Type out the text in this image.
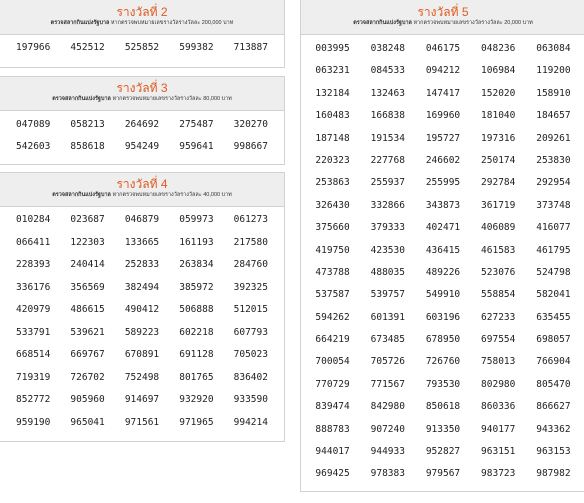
รางวัลที่ 2
ตรวจสลากกินแบ่งรัฐบาล หากตรวจพบหมายเลขรางวัลรางวัลละ 200,000 บาท
197966	452512	525852	599382	713887
รางวัลที่ 3
ตรวจสลากกินแบ่งรัฐบาล หากตรวจพบหมายเลขรางวัลรางวัลละ 80,000 บาท
047089	058213	264692	275487	320270
542603	858618	954249	959641	998667
รางวัลที่ 4
ตรวจสลากกินแบ่งรัฐบาล หากตรวจพบหมายเลขรางวัลรางวัลละ 40,000 บาท
010284	023687	046879	059973	061273
066411	122303	133665	161193	217580
228393	240414	252833	263834	284760
336176	356569	382494	385972	392325
420979	486615	490412	506888	512015
533791	539621	589223	602218	607793
668514	669767	670891	691128	705023
719319	726702	752498	801765	836402
852772	905960	914697	932920	933590
959190	965041	971561	971965	994214
รางวัลที่ 5
ตรวจสลากกินแบ่งรัฐบาล หากตรวจพบหมายเลขรางวัลรางวัลละ 20,000 บาท
003995	038248	046175	048236	063084
063231	084533	094212	106984	119200
132184	132463	147417	152020	158910
160483	166838	169960	181040	184657
187148	191534	195727	197316	209261
220323	227768	246602	250174	253830
253863	255937	255995	292784	292954
326430	332866	343873	361719	373748
375660	379333	402471	406089	416077
419750	423530	436415	461583	461795
473788	488035	489226	523076	524798
537587	539757	549910	558854	582041
594262	601391	603196	627233	635455
664219	673485	678950	697554	698057
700054	705726	726760	758013	766904
770729	771567	793530	802980	805470
839474	842980	850618	860336	866627
888783	907240	913350	940177	943362
944017	944933	952827	963151	963153
969425	978383	979567	983723	987982
